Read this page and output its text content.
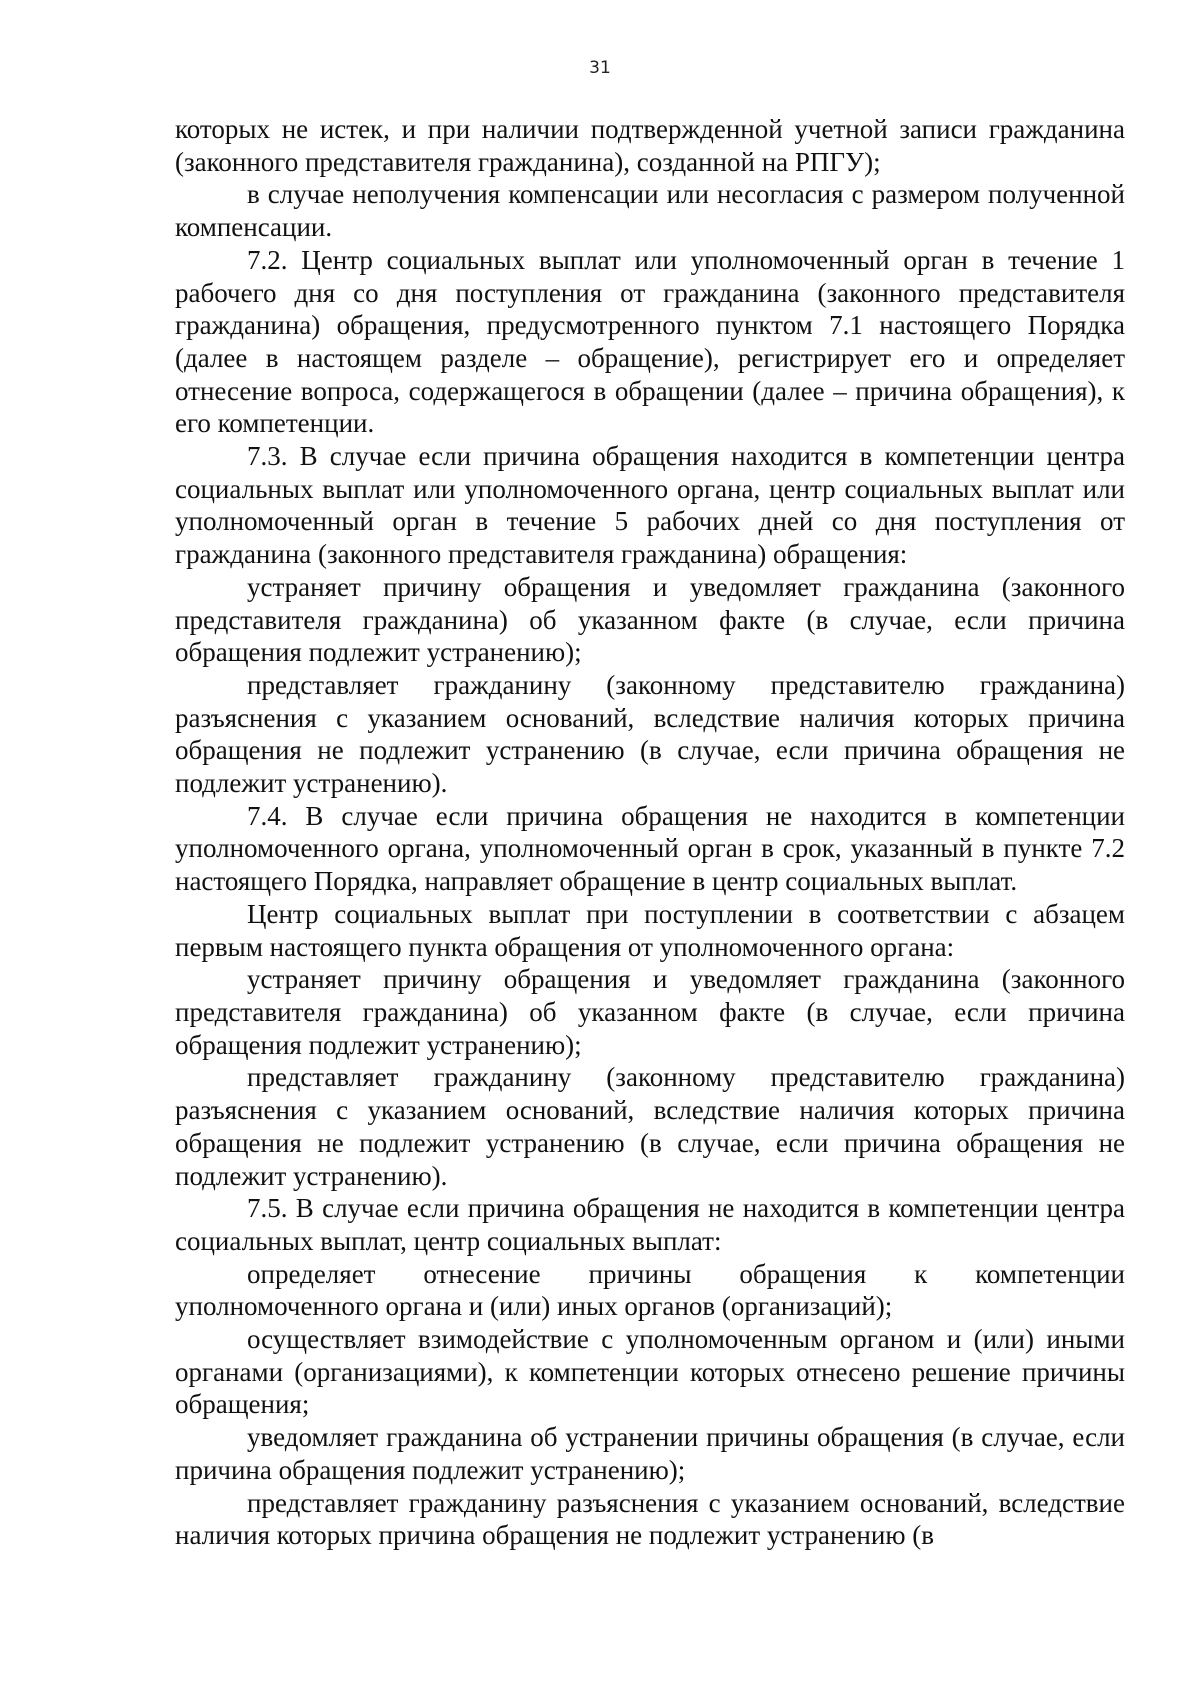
31

которых не истек, и при наличии подтвержденной учетной записи гражданина (законного представителя гражданина), созданной на РПГУ);

в случае неполучения компенсации или несогласия с размером полученной компенсации.

7.2. Центр социальных выплат или уполномоченный орган в течение 1 рабочего дня со дня поступления от гражданина (законного представителя гражданина) обращения, предусмотренного пунктом 7.1 настоящего Порядка (далее в настоящем разделе – обращение), регистрирует его и определяет отнесение вопроса, содержащегося в обращении (далее – причина обращения), к его компетенции.

7.3. В случае если причина обращения находится в компетенции центра социальных выплат или уполномоченного органа, центр социальных выплат или уполномоченный орган в течение 5 рабочих дней со дня поступления от гражданина (законного представителя гражданина) обращения:

устраняет причину обращения и уведомляет гражданина (законного представителя гражданина) об указанном факте (в случае, если причина обращения подлежит устранению);

представляет гражданину (законному представителю гражданина) разъяснения с указанием оснований, вследствие наличия которых причина обращения не подлежит устранению (в случае, если причина обращения не подлежит устранению).

7.4. В случае если причина обращения не находится в компетенции уполномоченного органа, уполномоченный орган в срок, указанный в пункте 7.2 настоящего Порядка, направляет обращение в центр социальных выплат.

Центр социальных выплат при поступлении в соответствии с абзацем первым настоящего пункта обращения от уполномоченного органа:

устраняет причину обращения и уведомляет гражданина (законного представителя гражданина) об указанном факте (в случае, если причина обращения подлежит устранению);

представляет гражданину (законному представителю гражданина) разъяснения с указанием оснований, вследствие наличия которых причина обращения не подлежит устранению (в случае, если причина обращения не подлежит устранению).

7.5. В случае если причина обращения не находится в компетенции центра социальных выплат, центр социальных выплат:

определяет отнесение причины обращения к компетенции уполномоченного органа и (или) иных органов (организаций);

осуществляет взимодействие с уполномоченным органом и (или) иными органами (организациями), к компетенции которых отнесено решение причины обращения;

уведомляет гражданина об устранении причины обращения (в случае, если причина обращения подлежит устранению);

представляет гражданину разъяснения с указанием оснований, вследствие наличия которых причина обращения не подлежит устранению (в
